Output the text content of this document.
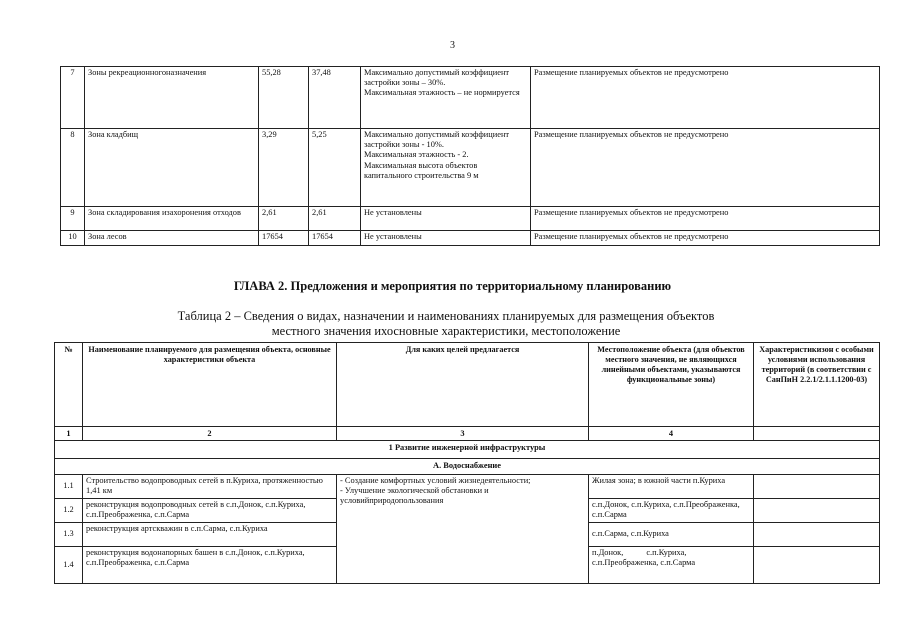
3
7	Зоны рекреационногоназначения	55,28	37,48	Максимально допустимый коэффициент застройки зоны – 30%.
Максимальная этажность – не нормируется	Размещение планируемых объектов не предусмотрено
8	Зона кладбищ	3,29	5,25	Максимально допустимый коэффициент застройки зоны - 10%.
Максимальная этажность - 2.
Максимальная высота объектов капитального строительства 9 м	Размещение планируемых объектов не предусмотрено
9	Зона складирования изахоронения отходов	2,61	2,61	Не установлены	Размещение планируемых объектов не предусмотрено
10	Зона лесов	17654	17654	Не установлены	Размещение планируемых объектов не предусмотрено
ГЛАВА 2. Предложения и мероприятия по территориальному планированию
Таблица 2 – Сведения о видах, назначении и наименованиях планируемых для размещения объектов
местного значения ихосновные характеристики, местоположение
№	Наименование планируемого для размещения объекта, основные характеристики объекта	Для каких целей предлагается	Местоположение объекта (для объектов местного значения, не являющихся линейными объектами, указываются функциональные зоны)	Характеристикизон с особыми условиями использования территорий (в соответствии с СанПиН 2.2.1/2.1.1.1200-03)
1	2	3	4	
1 Развитие инженерной инфраструктуры				
А. Водоснабжение				
1.1	Строительство водопроводных сетей в п.Куриха, протяженностью 1,41 км	- Создание комфортных условий жизнедеятельности;
- Улучшение экологической обстановки и условийприродопользования	Жилая зона; в южной части п.Куриха	
1.2	реконструкция водопроводных сетей в с.п.Донок, с.п.Куриха, с.п.Преображенка, с.п.Сарма		с.п.Донок, с.п.Куриха, с.п.Преображенка, с.п.Сарма	
1.3	реконструкция артскважин в с.п.Сарма, с.п.Куриха		с.п.Сарма, с.п.Куриха	
1.4	реконструкция водонапорных башен в с.п.Донок, с.п.Куриха, с.п.Преображенка, с.п.Сарма		п.Донок,           с.п.Куриха, с.п.Преображенка, с.п.Сарма	
